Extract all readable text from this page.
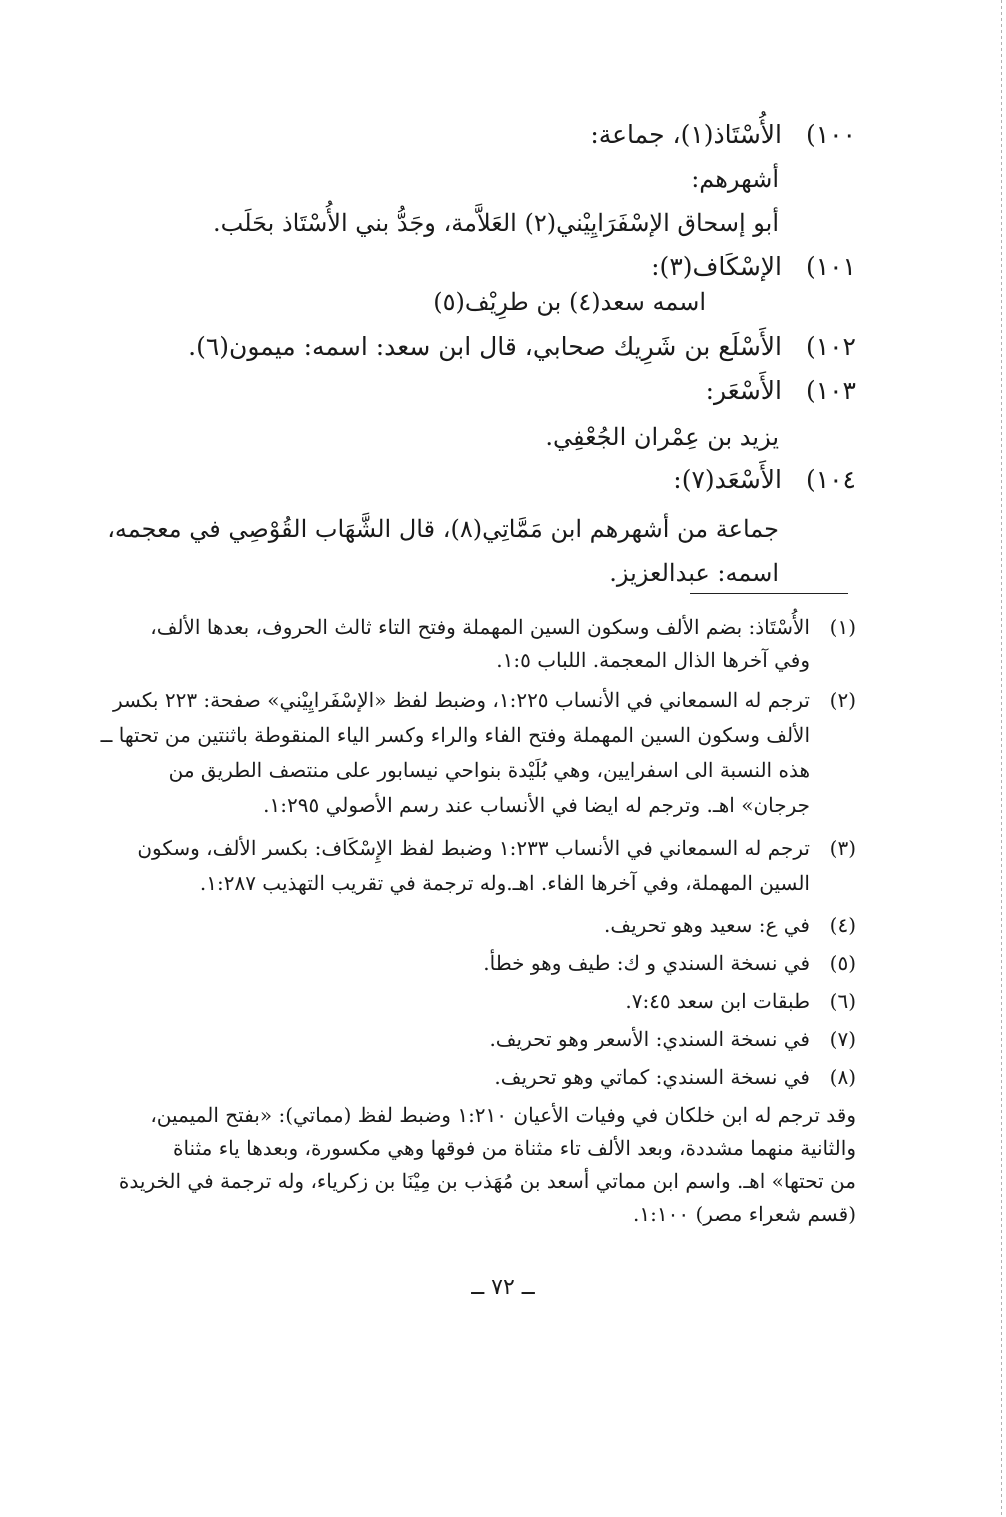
١٠٠)الأُسْتَاذ(١)، جماعة:
أشهرهم:
أبو إسحاق الإسْفَرَايِيْني(٢) العَلاَّمة، وجَدُّ بني الأُسْتَاذ بحَلَب.
١٠١)الإسْكَاف(٣):
اسمه سعد(٤) بن طرِيْف(٥)
١٠٢)الأَسْلَع بن شَرِيك صحابي، قال ابن سعد: اسمه: ميمون(٦).
١٠٣)الأَسْعَر:
يزيد بن عِمْران الجُعْفِي.
١٠٤)الأَسْعَد(٧):
جماعة من أشهرهم ابن مَمَّاتِي(٨)، قال الشَّهَاب القُوْصِي في معجمه،
اسمه: عبدالعزيز.
(١)الأُسْتَاذ: بضم الألف وسكون السين المهملة وفتح التاء ثالث الحروف، بعدها الألف،
وفي آخرها الذال المعجمة. اللباب ١:٥.
(٢)ترجم له السمعاني في الأنساب ١:٢٢٥، وضبط لفظ «الإسْفَرايِيْني» صفحة: ٢٢٣ بكسر
الألف وسكون السين المهملة وفتح الفاء والراء وكسر الياء المنقوطة باثنتين من تحتها ــ
هذه النسبة الى اسفرايين، وهي بُلَيْدة بنواحي نيسابور على منتصف الطريق من
جرجان» اهـ. وترجم له ايضا في الأنساب عند رسم الأصولي ١:٢٩٥.
(٣)ترجم له السمعاني في الأنساب ١:٢٣٣ وضبط لفظ الإِسْكَاف: بكسر الألف، وسكون
السين المهملة، وفي آخرها الفاء. اهـ.وله ترجمة في تقريب التهذيب ١:٢٨٧.
(٤)في ع: سعيد وهو تحريف.
(٥)في نسخة السندي و ك: طيف وهو خطأ.
(٦)طبقات ابن سعد ٧:٤٥.
(٧)في نسخة السندي: الأسعر وهو تحريف.
(٨)في نسخة السندي: كماتي وهو تحريف.
وقد ترجم له ابن خلكان في وفيات الأعيان ١:٢١٠ وضبط لفظ (مماتي): «بفتح الميمين،
والثانية منهما مشددة، وبعد الألف تاء مثناة من فوقها وهي مكسورة، وبعدها ياء مثناة
من تحتها» اهـ. واسم ابن مماتي أسعد بن مُهَذب بن مِيْنَا بن زكرياء، وله ترجمة في الخريدة
(قسم شعراء مصر) ١:١٠٠.
ــ ٧٢ ــ
